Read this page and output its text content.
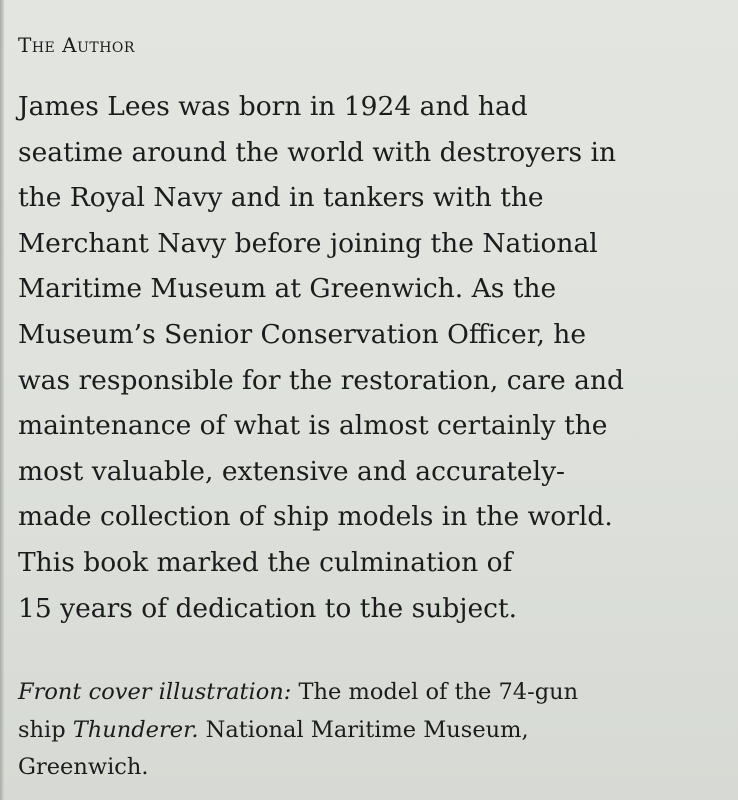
The Author

James Lees was born in 1924 and had
seatime around the world with destroyers in
the Royal Navy and in tankers with the
Merchant Navy before joining the National
Maritime Museum at Greenwich. As the
Museum’s Senior Conservation Officer, he
was responsible for the restoration, care and
maintenance of what is almost certainly the
most valuable, extensive and accurately-
made collection of ship models in the world.
This book marked the culmination of
15 years of dedication to the subject.

Front cover illustration: The model of the 74-gun
ship Thunderer. National Maritime Museum,
Greenwich.
